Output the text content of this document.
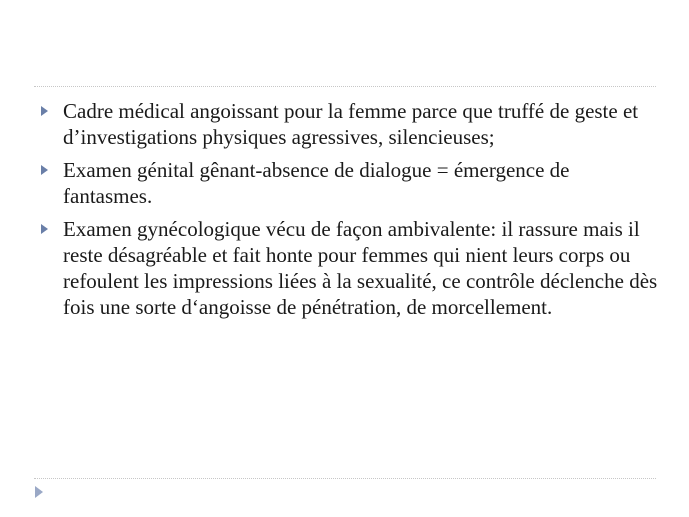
Cadre médical angoissant pour la femme parce que truffé de geste et d’investigations physiques agressives, silencieuses;
Examen génital gênant-absence de dialogue = émergence de fantasmes.
Examen gynécologique vécu de façon ambivalente: il rassure mais il reste désagréable et fait honte pour femmes qui nient leurs corps ou refoulent les impressions liées à la sexualité, ce contrôle déclenche dès fois une sorte d‘angoisse de pénétration, de morcellement.
